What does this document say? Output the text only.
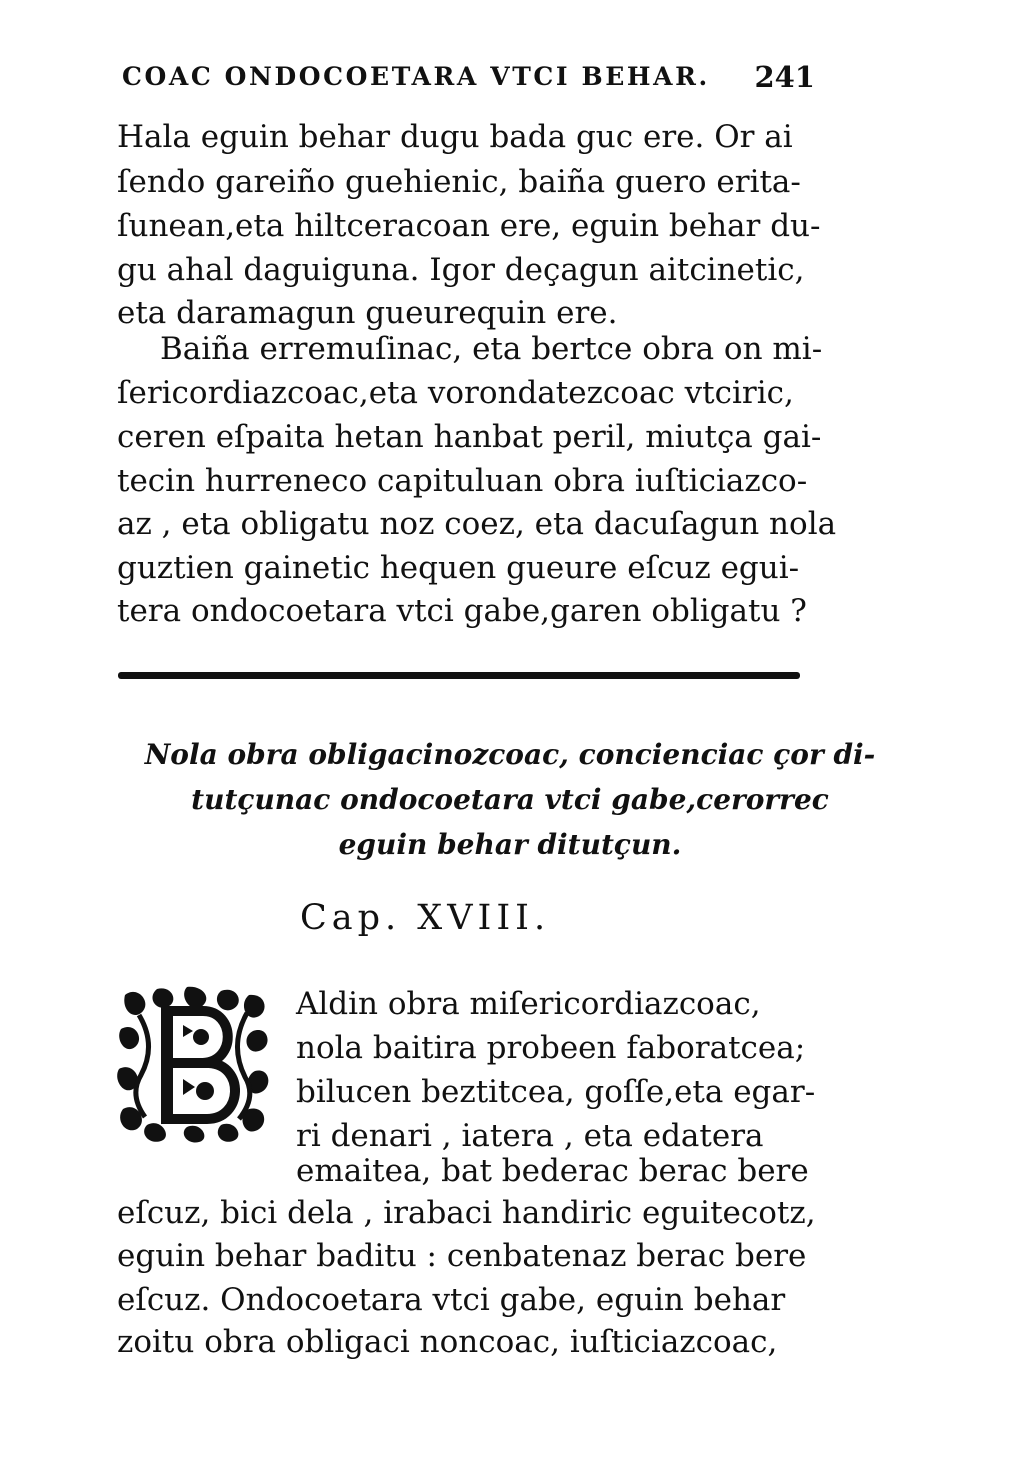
COAC ONDOCOETARA VTCI BEHAR. 241
Hala eguin behar dugu bada guc ere. Or ai
ſendo gareiño guehienic, baiña guero erita-
ſunean,eta hiltceracoan ere, eguin behar du-
gu ahal daguiguna. Igor deçagun aitcinetic,
eta daramagun gueurequin ere.
Baiña erremuſinac, eta bertce obra on mi-
ſericordiazcoac,eta vorondatezcoac vtciric,
ceren eſpaita hetan hanbat peril, miutça gai-
tecin hurreneco capituluan obra iuſticiazco-
az , eta obligatu noz coez, eta dacuſagun nola
guztien gainetic hequen gueure eſcuz egui-
tera ondocoetara vtci gabe,garen obligatu ?
Nola obra obligacinozcoac, concienciac çor di-
tutçunac ondocoetara vtci gabe,cerorrec
eguin behar ditutçun.
Cap. XVIII.
Aldin obra miſericordiazcoac,
nola baitira probeen faboratcea;
bilucen beztitcea, goſſe,eta egar-
ri denari , iatera , eta edatera
emaitea, bat bederac berac bere
eſcuz, bici dela , irabaci handiric eguitecotz,
eguin behar baditu : cenbatenaz berac bere
eſcuz. Ondocoetara vtci gabe, eguin behar
zoitu obra obligaci noncoac, iuſticiazcoac,
